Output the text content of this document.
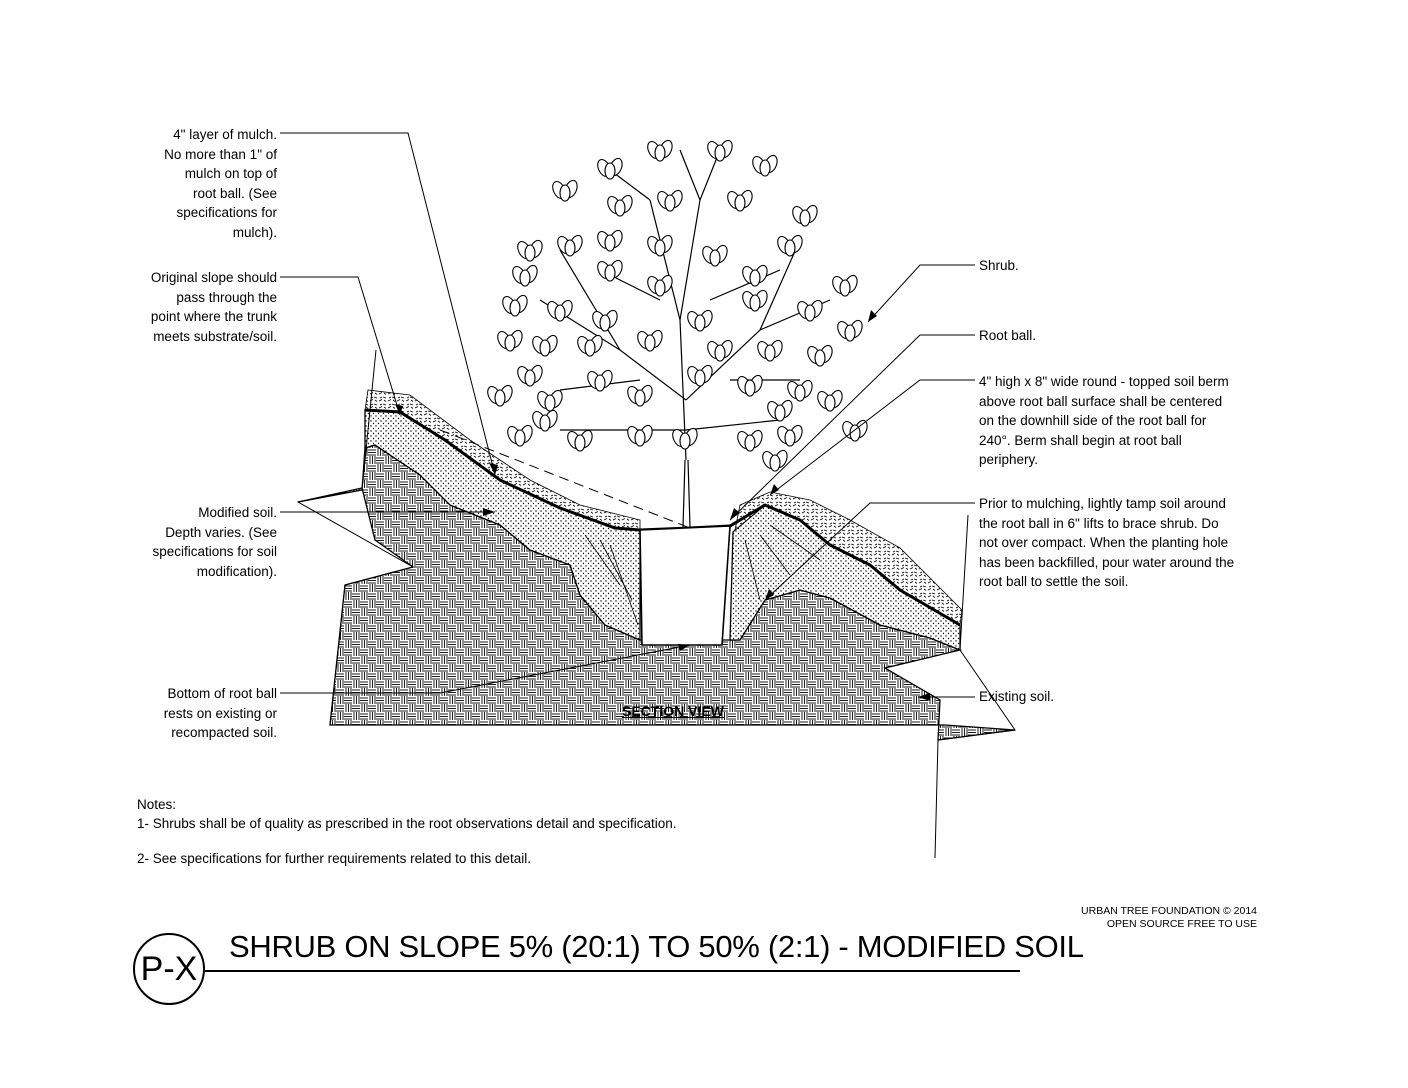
4" layer of mulch.
No more than 1" of
mulch on top of
root ball. (See
specifications for
mulch).
Original slope should
pass through the
point where the trunk
meets substrate/soil.
Modified soil.
Depth varies. (See
specifications for soil
modification).
Bottom of root ball
rests on existing or
recompacted soil.
Shrub.
Root ball.
4" high x 8" wide round - topped soil berm
above root ball surface shall be centered
on the downhill side of the root ball for
240°. Berm shall begin at root ball
periphery.
Prior to mulching, lightly tamp soil around
the root ball in 6" lifts to brace shrub. Do
not over compact. When the planting hole
has been backfilled, pour water around the
root ball to settle the soil.
Existing soil.
SECTION VIEW
Notes:
1- Shrubs shall be of quality as prescribed in the root observations detail and specification.
2- See specifications for further requirements related to this detail.
URBAN TREE FOUNDATION © 2014
OPEN SOURCE FREE TO USE
P-X
SHRUB ON SLOPE 5% (20:1) TO 50% (2:1) - MODIFIED SOIL
